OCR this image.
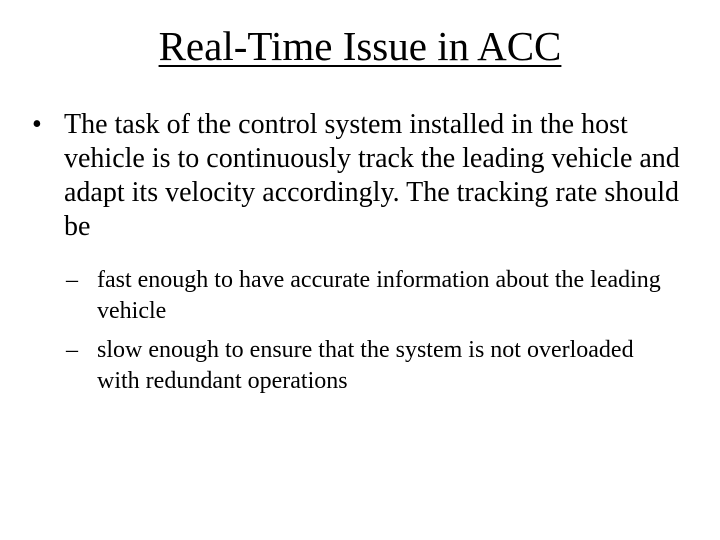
Real-Time Issue in ACC
• The task of the control system installed in the host vehicle is to continuously track the leading vehicle and adapt its velocity accordingly. The tracking rate should be
– fast enough to have accurate information about the leading vehicle
– slow enough to ensure that the system is not overloaded with redundant operations
